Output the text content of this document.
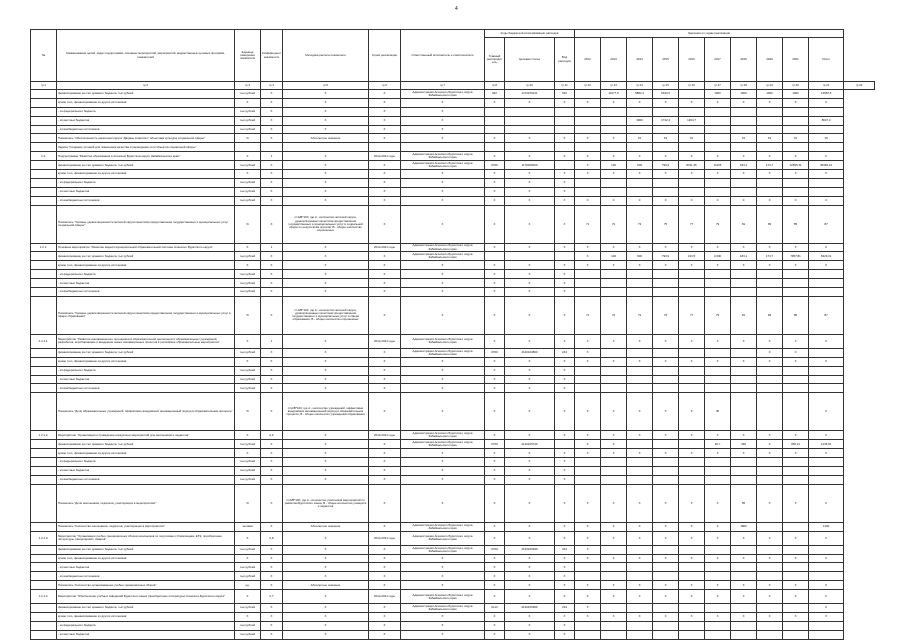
4
№	Наименование целей, задач подпрограмм, основных мероприятий, мероприятий, ведомственных целевых программ, показателей	Единица измерения показателя	Коэффициент значимости	Методика расчета показателя	Сроки реализации	Ответственный исполнитель и соисполнители	Коды бюджетной классификации расходов			Значения по годам реализации										
							Главный распорядитель	Целевая статья	Вид расходов	2012	2013	2014	2015	2016	2017	2019	2020	2021	Итого	

гр.1	гр.2	гр.3	гр.4	гр.5	гр.6	гр.7	гр.8	гр.10	гр.11	гр.12	гр.13	гр.14	гр.15	гр.16	гр.17	гр.18	гр.19	гр.20	гр.21	гр.22
	финансирование за счет краевого бюджета, тыс.рублей	тыс.рублей	X	X	X	Администрация Агинского Бурятского округа Забайкальского края	942	1170079211	591		11077,6	9882,4	6340,6		1000	1000	1000	1000	14963,5	
	кроме того, финансирование из других источников:	X	X	X	X	X	X	X	X	X	X	X	X	X	X	X	X	X	X	
	- из федерального бюджета	тыс.рублей	X	X	X	X														
	- из местных бюджетов	тыс.рублей	X	X	X	X						3000	1742,4	1304,7					8047,4	
	- из внебюджетных источников	тыс.рублей	X	X	X	X														
	Показатель "Обеспеченность населения округа "Дацаны Агинского" объектами культуры социальной сферы"	%	X	Абсолютное значение	X	X	X	X	X	X	X	15	15	15		15	15	15	15	
	Задача "Создание условий для повышения качества и расширения сети объектов социальной сферы"																			
1.2.	Подпрограмма "Развитие образования в Агинском Бурятском округе Забайкальского края"	X	1	X	2014-2021 годы	Администрация Агинского Бурятского округа Забайкальского края	X	X	X	X	X	X	X	X	X	X	X	X	X	
	финансирование за счет краевого бюджета, тыс.рублей	тыс.рублей	X	X	X	Администрация Агинского Бурятского округа Забайкальского края	0706	1170000000		X	100	600	790,9	8311,35	11105	184,1	174,7	12595,31	35365,16	
	кроме того, финансирование из других источников:	X	X	X	X	X	X	X	X	X	X	X	X	X	X	X	X	X	X	
	- из федерального бюджета	тыс.рублей	X	X	X	X	X	X	X											
	- из местных бюджетов	тыс.рублей	X	X	X	X	X	X	X											
	- из внебюджетных источников	тыс.рублей	X	X	X	X	X	X	X	0	0	0	0	0	0	0	0	0	0	
	Показатель "Уровень удовлетворенности жителей округа качеством предоставления государственных и муниципальных услуг социальной сферы"	%	X	n=A/B*100, где A - количество жителей округа, удовлетворенных качеством предоставления государственных и муниципальных услуг в социальной сфере по результатам опросов; B - общее количество опрошенных	X	X	X	X	X	71	72	73	75	77	79	81	83	85	87	
1.2.1.	Основное мероприятие "Развитие модели муниципальной образовательной системы Агинского Бурятского округа"	X	1	X	2014-2021 годы	Администрация Агинского Бурятского округа Забайкальского края	X	X	X	X	X	X	X	X	X	X	X	X	X	
	финансирование за счет краевого бюджета, тыс.рублей	тыс.рублей	X	X	X	Администрация Агинского Бурятского округа Забайкальского края				X	100	600	790,9	313,5	3,000	184,1	174,7	7957,81	6329,31	
	кроме того, финансирование из других источников:	X	X	X	X	X	X	X	X	X	X	X	X	X	X	X	X	X	X	
	- из федерального бюджета	тыс.рублей	X	X	X	X	X	X	X											
	- из местных бюджетов	тыс.рублей	X	X	X	X	X	X	X											
	- из внебюджетных источников	тыс.рублей	X	X	X	X	X	X	X											
	Показатель "Уровень удовлетворенности жителей округа качеством предоставления государственных и муниципальных услуг в сфере образования"	%	X	n=A/B*100, где A - количество жителей округа, удовлетворенных качеством предоставления государственных и муниципальных услуг в сфере образования; B - общее количество опрошенных	X	X	X	X	X	71	72	73	75	77	79	81	83	85	87	
1.2.1.1.	Мероприятие "Развитие инновационного потенциала в образовательной деятельности образовательных учреждений, разработка, апробирование и внедрение новых инновационных проектов в российские образовательные мероприятия"	X	1	X	2014-2021 годы	Администрация Агинского Бурятского округа Забайкальского края	X	X	X	X	X	X	X	X	X	X	X	X	X	
	финансирование за счет краевого бюджета, тыс.рублей	тыс.рублей	X	X	X	Администрация Агинского Бурятского округа Забайкальского края	0709	2120104800	244	X							0	0		
	кроме того, финансирование из других источников:	X	X	X	X	X	X	X	X	X	X	X	X	X	X	X	X	X	X	
	- из федерального бюджета	тыс.рублей	X	X	X	X	X	X	X											
	- из местных бюджетов	тыс.рублей	X	X	X	X	X	X	X											
	- из внебюджетных источников	тыс.рублей	X	X	X	X	X	X	X											
	Показатель "Доля образовательных учреждений, эффективно внедривших инновационный подход в образовательном процессе"	%	X	n=A/B*100, где A - количество учреждений, эффективно внедривших инновационный подход в образовательном процессе; B - общее количество учреждений образования	X	X	X	X	X	X	X	X	X	X	30				X	
1.2.1.2.	Мероприятие "Организация и проведение конкурсных мероприятий для школьников и педагогов"	X	0,9	X	2014-2021 годы	Администрация Агинского Бурятского округа Забайкальского края	X	X	X	X	X	X	X	X	X	X	X	X	X	
	финансирование за счет краевого бюджета, тыс.рублей	тыс.рублей	X	X	X	Администрация Агинского Бурятского округа Забайкальского края	0709	2120105720		X	X				20,7	460	0	956,21	1436,91	
	кроме того, финансирование из других источников:	X	X	X	X	X	X	X	X	X	X	X	X	X	X	X	X	X	X	
	- из федерального бюджета	тыс.рублей	X	X	X	X	X	X	X											
	- из местных бюджетов	тыс.рублей	X	X	X	X	X	X	X											
	- из внебюджетных источников	тыс.рублей	X	X	X	X	X	X	X											
	Показатель "Доля школьников, педагогов, участвующих в мероприятиях"	%	X	n=A/B*100, где A - количество участников мероприятий по развитию Бурятского языка; B - общее количество учащихся и педагогов	X	X	X	X	X	X	X	X	X	X	X	55	X	X	X	
	Показатель "Количество школьников, педагогов, участвующих в мероприятиях"	человек	X	Абсолютное значение	X	Администрация Агинского Бурятского округа Забайкальского края	X	X	X	X	X	X	X	X	X	1800			1100	
1.2.1.3.	Мероприятие "Организация учебно-тренировочных сборов школьников по подготовке к Олимпиадам, ЕГЭ, приобретение литературы, канцелярских товаров"	X	0,8	X	2014-2021 годы	Администрация Агинского Бурятского округа Забайкальского края	X	X	X	X	X	X	X	X	X	X	X	X	X	
	финансирование за счет краевого бюджета, тыс.рублей	тыс.рублей	X	X	X	Администрация Агинского Бурятского округа Забайкальского края	0709	2120105930	244	X										
	кроме того, финансирование из других источников:	X	X	X	X	X	X	X	X	X	X	X	X	X	X	X	X	X	X	
	- из местных бюджетов	тыс.рублей	X	X	X	X	X	X	X											
	- из внебюджетных источников	тыс.рублей	X	X	X	X	X	X	X											
	Показатель "Количество организованных учебно-тренировочных сборов"	ед.	X	Абсолютное значение	X	X	X	X	X	X	X	X	X	X	X	X	X	X	X	
1.2.1.4.	Мероприятие "Обеспечение учебных заведений Бурятского языка (приобретение литературы) Агинского Бурятского округа"	X	0,7	X	2014-2021 годы	Администрация Агинского Бурятского округа Забайкальского края	X	X	X	X	X	X	X	X	X	X	X	X	X	
	финансирование за счет краевого бюджета, тыс.рублей	тыс.рублей	X	X	X	Администрация Агинского Бурятского округа Забайкальского края	0113	2120106900	244	X									X	
	кроме того, финансирование из других источников:	X	X	X	X	X	X	X	X	X	X	X	X	X	X	X	X	X	X	
	- из федерального бюджета	тыс.рублей	X	X	X	X	X	X	X											
	- из местных бюджетов	тыс.рублей	X	X	X	X	X	X	X											
